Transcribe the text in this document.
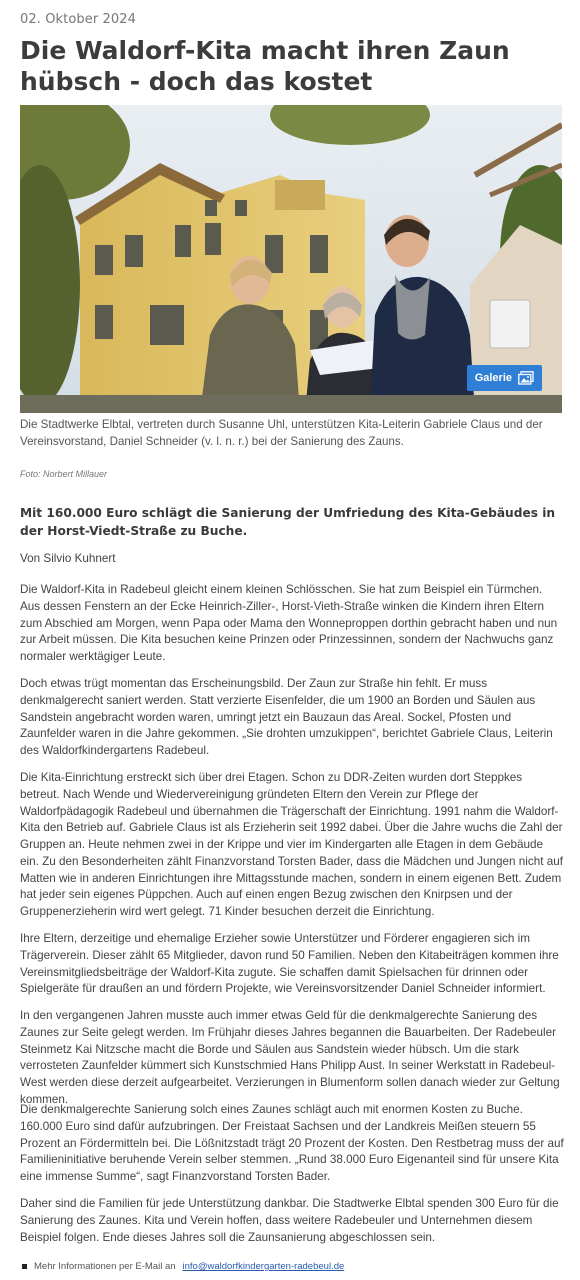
02. Oktober 2024
Die Waldorf-Kita macht ihren Zaun hübsch - doch das kostet
Galerie
Die Stadtwerke Elbtal, vertreten durch Susanne Uhl, unterstützen Kita-Leiterin Gabriele Claus und der Vereinsvorstand, Daniel Schneider (v. l. n. r.) bei der Sanierung des Zauns.
Foto: Norbert Millauer

Mit 160.000 Euro schlägt die Sanierung der Umfriedung des Kita-Gebäudes in der Horst-Viedt-Straße zu Buche.

Von Silvio Kuhnert

Die Waldorf-Kita in Radebeul gleicht einem kleinen Schlösschen. Sie hat zum Beispiel ein Türmchen. Aus dessen Fenstern an der Ecke Heinrich-Ziller-, Horst-Vieth-Straße winken die Kindern ihren Eltern zum Abschied am Morgen, wenn Papa oder Mama den Wonneproppen dorthin gebracht haben und nun zur Arbeit müssen. Die Kita besuchen keine Prinzen oder Prinzessinnen, sondern der Nachwuchs ganz normaler werktägiger Leute.

Doch etwas trügt momentan das Erscheinungsbild. Der Zaun zur Straße hin fehlt. Er muss denkmalgerecht saniert werden. Statt verzierte Eisenfelder, die um 1900 an Borden und Säulen aus Sandstein angebracht worden waren, umringt jetzt ein Bauzaun das Areal. Sockel, Pfosten und Zaunfelder waren in die Jahre gekommen. „Sie drohten umzukippen“, berichtet Gabriele Claus, Leiterin des Waldorfkindergartens Radebeul.

Die Kita-Einrichtung erstreckt sich über drei Etagen. Schon zu DDR-Zeiten wurden dort Steppkes betreut. Nach Wende und Wiedervereinigung gründeten Eltern den Verein zur Pflege der Waldorfpädagogik Radebeul und übernahmen die Trägerschaft der Einrichtung. 1991 nahm die Waldorf-Kita den Betrieb auf. Gabriele Claus ist als Erzieherin seit 1992 dabei. Über die Jahre wuchs die Zahl der Gruppen an. Heute nehmen zwei in der Krippe und vier im Kindergarten alle Etagen in dem Gebäude ein. Zu den Besonderheiten zählt Finanzvorstand Torsten Bader, dass die Mädchen und Jungen nicht auf Matten wie in anderen Einrichtungen ihre Mittagsstunde machen, sondern in einem eigenen Bett. Zudem hat jeder sein eigenes Püppchen. Auch auf einen engen Bezug zwischen den Knirpsen und der Gruppenerzieherin wird wert gelegt. 71 Kinder besuchen derzeit die Einrichtung.

Ihre Eltern, derzeitige und ehemalige Erzieher sowie Unterstützer und Förderer engagieren sich im Trägerverein. Dieser zählt 65 Mitglieder, davon rund 50 Familien. Neben den Kitabeiträgen kommen ihre Vereinsmitgliedsbeiträge der Waldorf-Kita zugute. Sie schaffen damit Spielsachen für drinnen oder Spielgeräte für draußen an und fördern Projekte, wie Vereinsvorsitzender Daniel Schneider informiert.

In den vergangenen Jahren musste auch immer etwas Geld für die denkmalgerechte Sanierung des Zaunes zur Seite gelegt werden. Im Frühjahr dieses Jahres begannen die Bauarbeiten. Der Radebeuler Steinmetz Kai Nitzsche macht die Borde und Säulen aus Sandstein wieder hübsch. Um die stark verrosteten Zaunfelder kümmert sich Kunstschmied Hans Philipp Aust. In seiner Werkstatt in Radebeul-West werden diese derzeit aufgearbeitet. Verzierungen in Blumenform sollen danach wieder zur Geltung kommen.

Die denkmalgerechte Sanierung solch eines Zaunes schlägt auch mit enormen Kosten zu Buche. 160.000 Euro sind dafür aufzubringen. Der Freistaat Sachsen und der Landkreis Meißen steuern 55 Prozent an Fördermitteln bei. Die Lößnitzstadt trägt 20 Prozent der Kosten. Den Restbetrag muss der auf Familieninitiative beruhende Verein selber stemmen. „Rund 38.000 Euro Eigenanteil sind für unsere Kita eine immense Summe“, sagt Finanzvorstand Torsten Bader.

Daher sind die Familien für jede Unterstützung dankbar. Die Stadtwerke Elbtal spenden 300 Euro für die Sanierung des Zaunes. Kita und Verein hoffen, dass weitere Radebeuler und Unternehmen diesem Beispiel folgen. Ende dieses Jahres soll die Zaunsanierung abgeschlossen sein.

Mehr Informationen per E-Mail an info@waldorfkindergarten-radebeul.de
